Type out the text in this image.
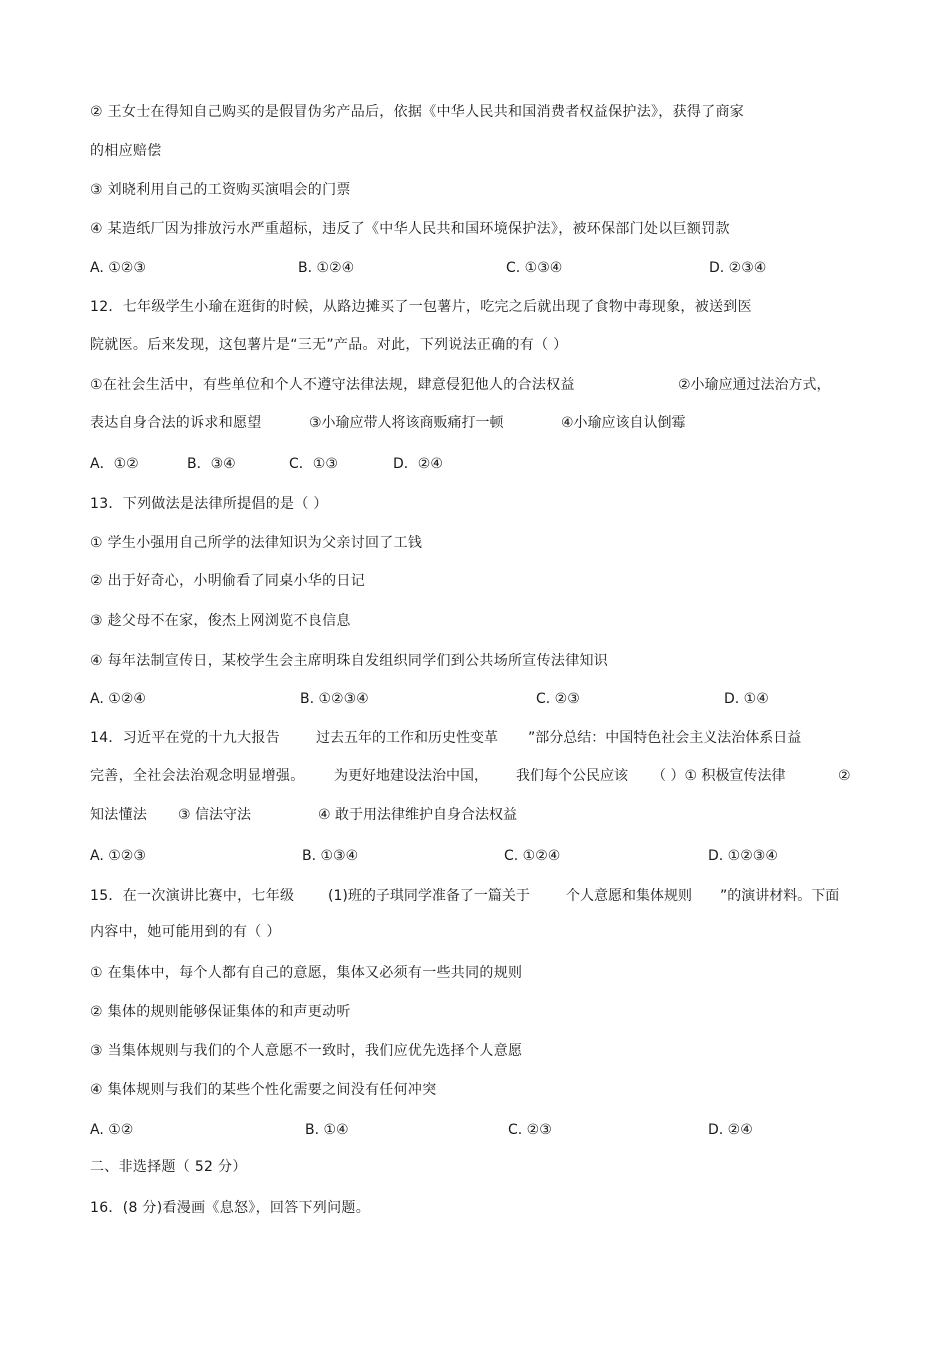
② 王女士在得知自己购买的是假冒伪劣产品后，依据《中华人民共和国消费者权益保护法》，获得了商家
的相应赔偿
③ 刘晓利用自己的工资购买演唱会的门票
④ 某造纸厂因为排放污水严重超标，违反了《中华人民共和国环境保护法》，被环保部门处以巨额罚款
A. ①②③	B. ①②④	C. ①③④	D. ②③④
12．七年级学生小瑜在逛街的时候，从路边摊买了一包薯片，吃完之后就出现了食物中毒现象，被送到医
院就医。后来发现，这包薯片是“三无”产品。对此，下列说法正确的有（ ）
①在社会生活中，有些单位和个人不遵守法律法规，肆意侵犯他人的合法权益	②小瑜应通过法治方式，
表达自身合法的诉求和愿望	③小瑜应带人将该商贩痛打一顿	④小瑜应该自认倒霉
A．①②	B．③④	C．①③	D．②④
13．下列做法是法律所提倡的是（ ）
① 学生小强用自己所学的法律知识为父亲讨回了工钱
② 出于好奇心，小明偷看了同桌小华的日记
③ 趁父母不在家，俊杰上网浏览不良信息
④ 每年法制宣传日，某校学生会主席明珠自发组织同学们到公共场所宣传法律知识
A. ①②④	B. ①②③④	C. ②③	D. ①④
14．习近平在党的十九大报告	过去五年的工作和历史性变革 ”部分总结：中国特色社会主义法治体系日益
完善，全社会法治观念明显增强。 为更好地建设法治中国， 我们每个公民应该 （ ）① 积极宣传法律	②
知法懂法 ③ 信法守法	④ 敢于用法律维护自身合法权益
A. ①②③	B. ①③④	C. ①②④	D. ①②③④
15．在一次演讲比赛中，七年级 (1)班的子琪同学准备了一篇关于	个人意愿和集体规则 ”的演讲材料。下面
内容中，她可能用到的有（ ）
① 在集体中，每个人都有自己的意愿，集体又必须有一些共同的规则
② 集体的规则能够保证集体的和声更动听
③ 当集体规则与我们的个人意愿不一致时，我们应优先选择个人意愿
④ 集体规则与我们的某些个性化需要之间没有任何冲突
A. ①②	B. ①④	C. ②③	D. ②④
二、非选择题（ 52 分）
16．(8 分)看漫画《息怒》，回答下列问题。
